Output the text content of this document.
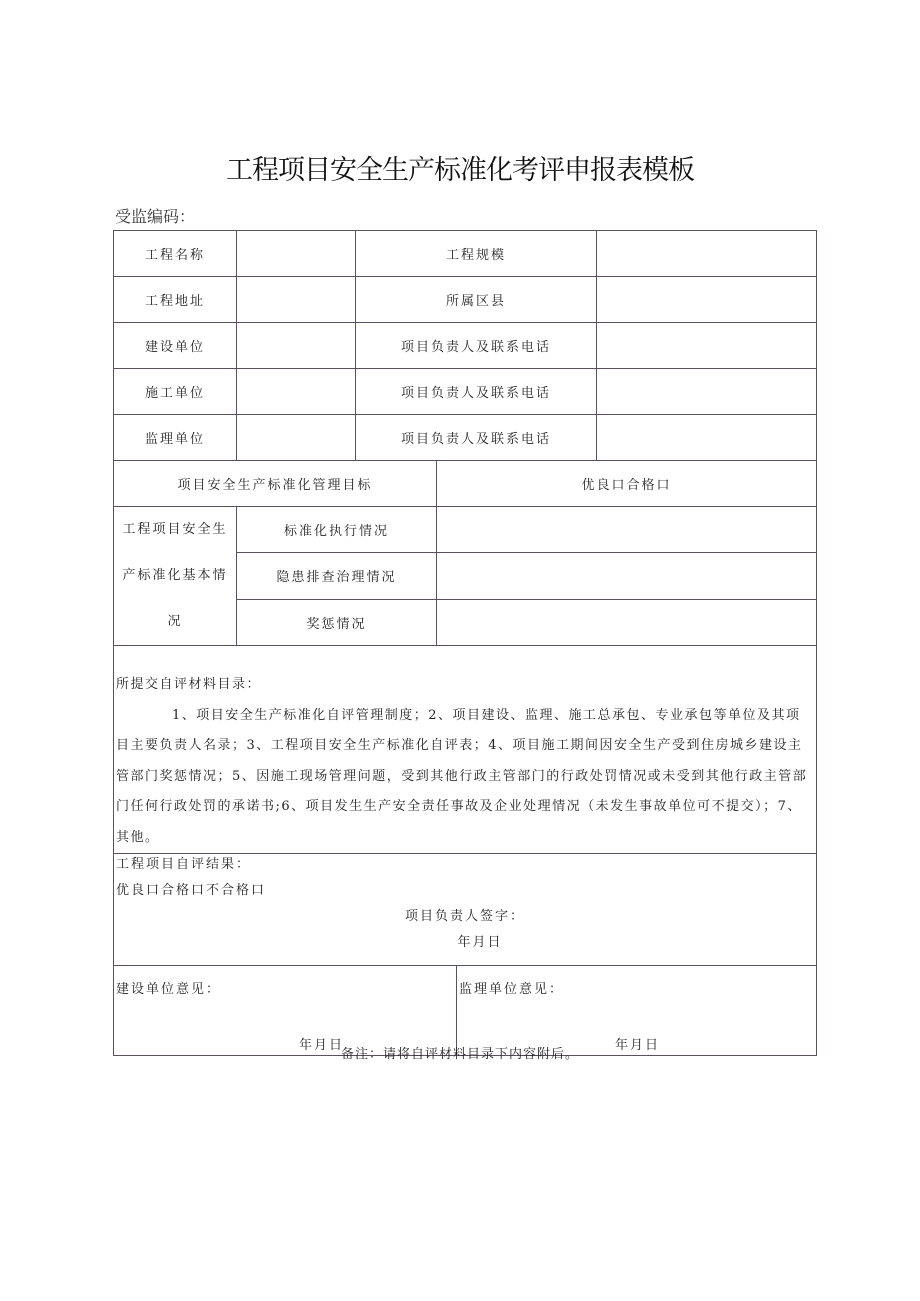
工程项目安全生产标准化考评申报表模板
受监编码：
工程名称		工程规模		
工程地址		所属区县		
建设单位		项目负责人及联系电话		
施工单位		项目负责人及联系电话		
监理单位		项目负责人及联系电话		
项目安全生产标准化管理目标			优良口合格口	
工程项目安全生产标准化基本情况	标准化执行情况			
	隐患排查治理情况			
	奖惩情况			

所提交自评材料目录：

1、项目安全生产标准化自评管理制度；2、项目建设、监理、施工总承包、专业承包等单位及其项目主要负责人名录；3、工程项目安全生产标准化自评表；4、项目施工期间因安全生产受到住房城乡建设主管部门奖惩情况；5、因施工现场管理问题，受到其他行政主管部门的行政处罚情况或未受到其他行政主管部门任何行政处罚的承诺书;6、项目发生生产安全责任事故及企业处理情况（未发生事故单位可不提交）；7、其他。				

工程项目自评结果：
优良口合格口不合格口
项目负责人签字：
年月日				

建设单位意见：
年月日
监理单位意见：
年月日				
备注：请将自评材料目录下内容附后。
